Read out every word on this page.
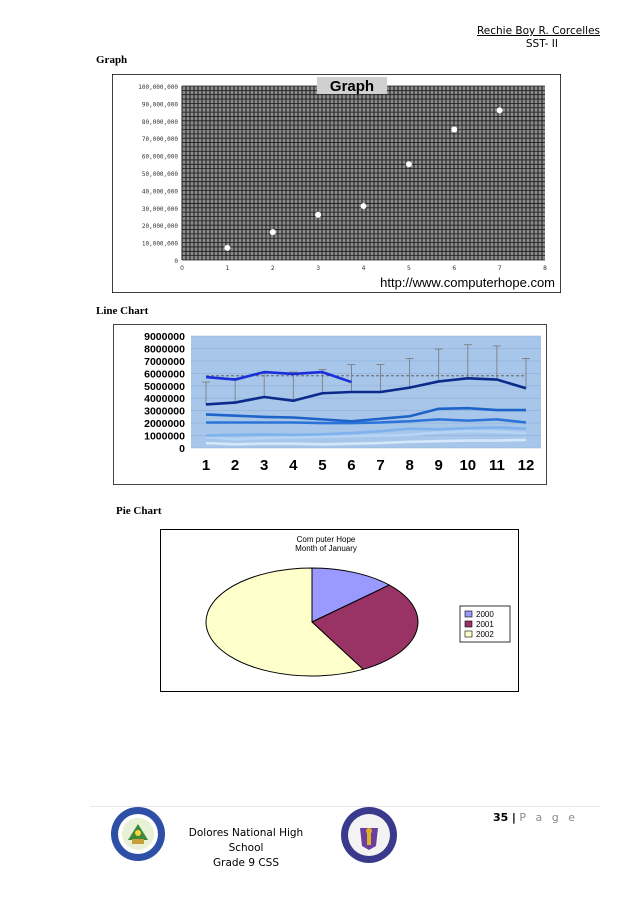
Rechie Boy R. Corcelles
SST- II
Graph
Graph
0
10,000,000
20,000,000
30,000,000
40,000,000
50,000,000
60,000,000
70,000,000
80,000,000
90,000,000
100,000,000
0	1	2	3	4	5	6	7	8
http://www.computerhope.com
Line Chart
0
1000000
2000000
3000000
4000000
5000000
6000000
7000000
8000000
9000000
1 2 3 4 5 6 7 8 9 10 11 12
Pie Chart
Com puter Hope
Month of January
2000
2001
2002
35 | P a g e
Dolores National High School
Grade 9 CSS
